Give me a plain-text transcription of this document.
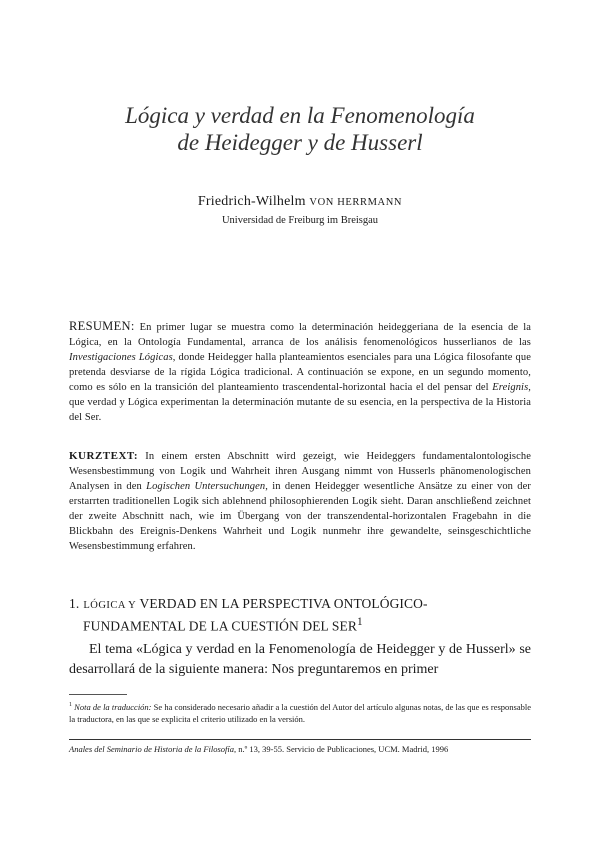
Lógica y verdad en la Fenomenología
de Heidegger y de Husserl
Friedrich-Wilhelm VON HERRMANN
Universidad de Freiburg im Breisgau
RESUMEN: En primer lugar se muestra como la determinación heideggeriana de la esencia de la Lógica, en la Ontología Fundamental, arranca de los análisis fenomenológicos husserlianos de las Investigaciones Lógicas, donde Heidegger halla planteamientos esenciales para una Lógica filosofante que pretenda desviarse de la rígida Lógica tradicional. A continuación se expone, en un segundo momento, como es sólo en la transición del planteamiento trascendental-horizontal hacia el del pensar del Ereignis, que verdad y Lógica experimentan la determinación mutante de su esencia, en la perspectiva de la Historia del Ser.
KURZTEXT: In einem ersten Abschnitt wird gezeigt, wie Heideggers fundamentalontologische Wesensbestimmung von Logik und Wahrheit ihren Ausgang nimmt von Husserls phänomenologischen Analysen in den Logischen Untersuchungen, in denen Heidegger wesentliche Ansätze zu einer von der erstarrten traditionellen Logik sich ablehnend philosophierenden Logik sieht. Daran anschließend zeichnet der zweite Abschnitt nach, wie im Übergang von der transzendental-horizontalen Fragebahn in die Blickbahn des Ereignis-Denkens Wahrheit und Logik nunmehr ihre gewandelte, seinsgeschichtliche Wesensbestimmung erfahren.
1. LÓGICA Y VERDAD EN LA PERSPECTIVA ONTOLÓGICO-
FUNDAMENTAL DE LA CUESTIÓN DEL SER$^1$
El tema «Lógica y verdad en la Fenomenología de Heidegger y de Husserl» se desarrollará de la siguiente manera: Nos preguntaremos en primer
$^1$ Nota de la traducción: Se ha considerado necesario añadir a la cuestión del Autor del artículo algunas notas, de las que es responsable la traductora, en las que se explicita el criterio utilizado en la versión.
Anales del Seminario de Historia de la Filosofía, n.º 13, 39-55. Servicio de Publicaciones, UCM. Madrid, 1996
